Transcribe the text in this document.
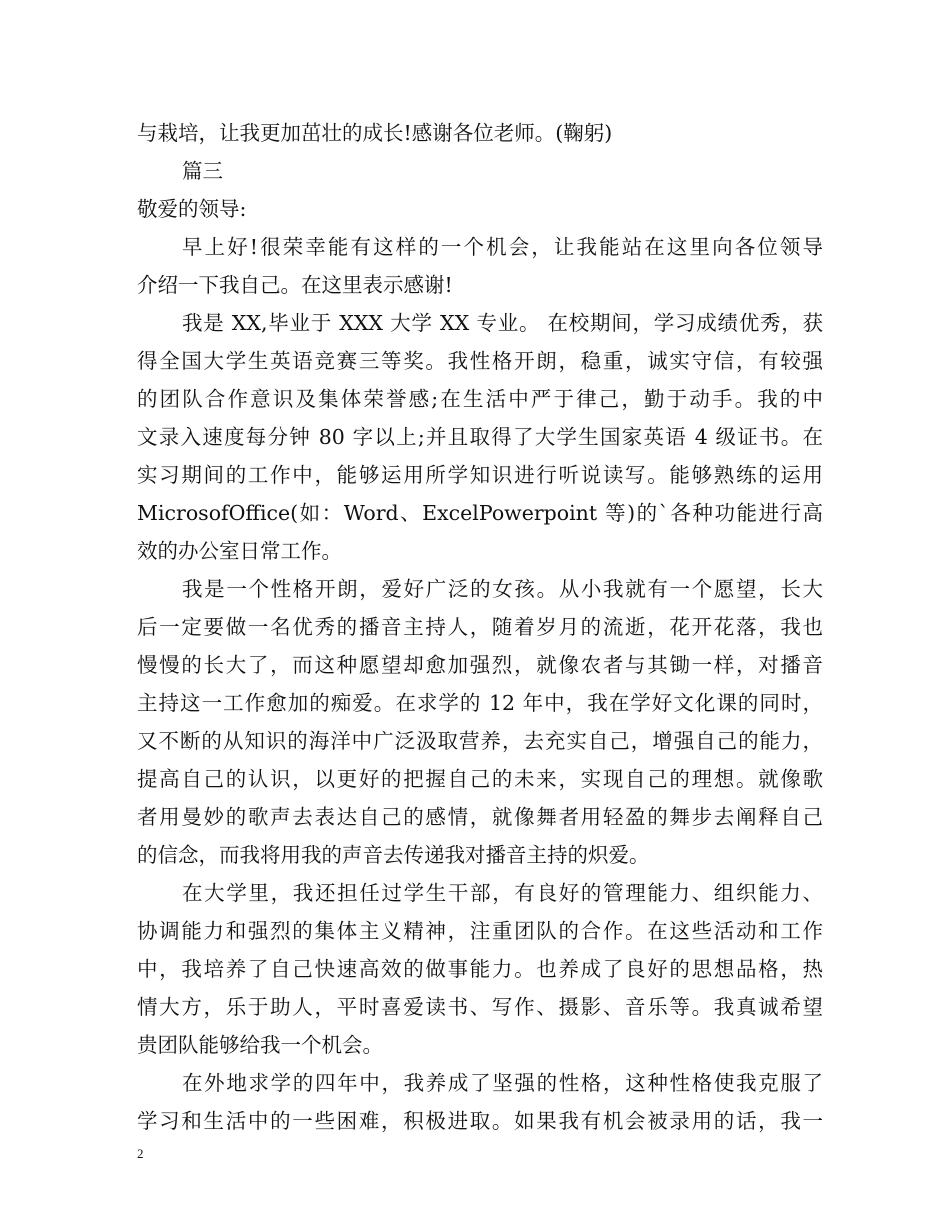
与栽培，让我更加茁壮的成长!感谢各位老师。(鞠躬)
篇三
敬爱的领导:
早上好!很荣幸能有这样的一个机会，让我能站在这里向各位领导
介绍一下我自己。在这里表示感谢!
我是 XX,毕业于 XXX 大学 XX 专业。 在校期间，学习成绩优秀，获
得全国大学生英语竞赛三等奖。我性格开朗，稳重，诚实守信，有较强
的团队合作意识及集体荣誉感;在生活中严于律己，勤于动手。我的中
文录入速度每分钟 80 字以上;并且取得了大学生国家英语 4 级证书。在
实习期间的工作中，能够运用所学知识进行听说读写。能够熟练的运用
MicrosofOffice(如：Word、ExcelPowerpoint 等)的`各种功能进行高
效的办公室日常工作。
我是一个性格开朗，爱好广泛的女孩。从小我就有一个愿望，长大
后一定要做一名优秀的播音主持人，随着岁月的流逝，花开花落，我也
慢慢的长大了，而这种愿望却愈加强烈，就像农者与其锄一样，对播音
主持这一工作愈加的痴爱。在求学的 12 年中，我在学好文化课的同时，
又不断的从知识的海洋中广泛汲取营养，去充实自己，增强自己的能力，
提高自己的认识，以更好的把握自己的未来，实现自己的理想。就像歌
者用曼妙的歌声去表达自己的感情，就像舞者用轻盈的舞步去阐释自己
的信念，而我将用我的声音去传递我对播音主持的炽爱。
在大学里，我还担任过学生干部，有良好的管理能力、组织能力、
协调能力和强烈的集体主义精神，注重团队的合作。在这些活动和工作
中，我培养了自己快速高效的做事能力。也养成了良好的思想品格，热
情大方，乐于助人，平时喜爱读书、写作、摄影、音乐等。我真诚希望
贵团队能够给我一个机会。
在外地求学的四年中，我养成了坚强的性格，这种性格使我克服了
学习和生活中的一些困难，积极进取。如果我有机会被录用的话，我一
2
